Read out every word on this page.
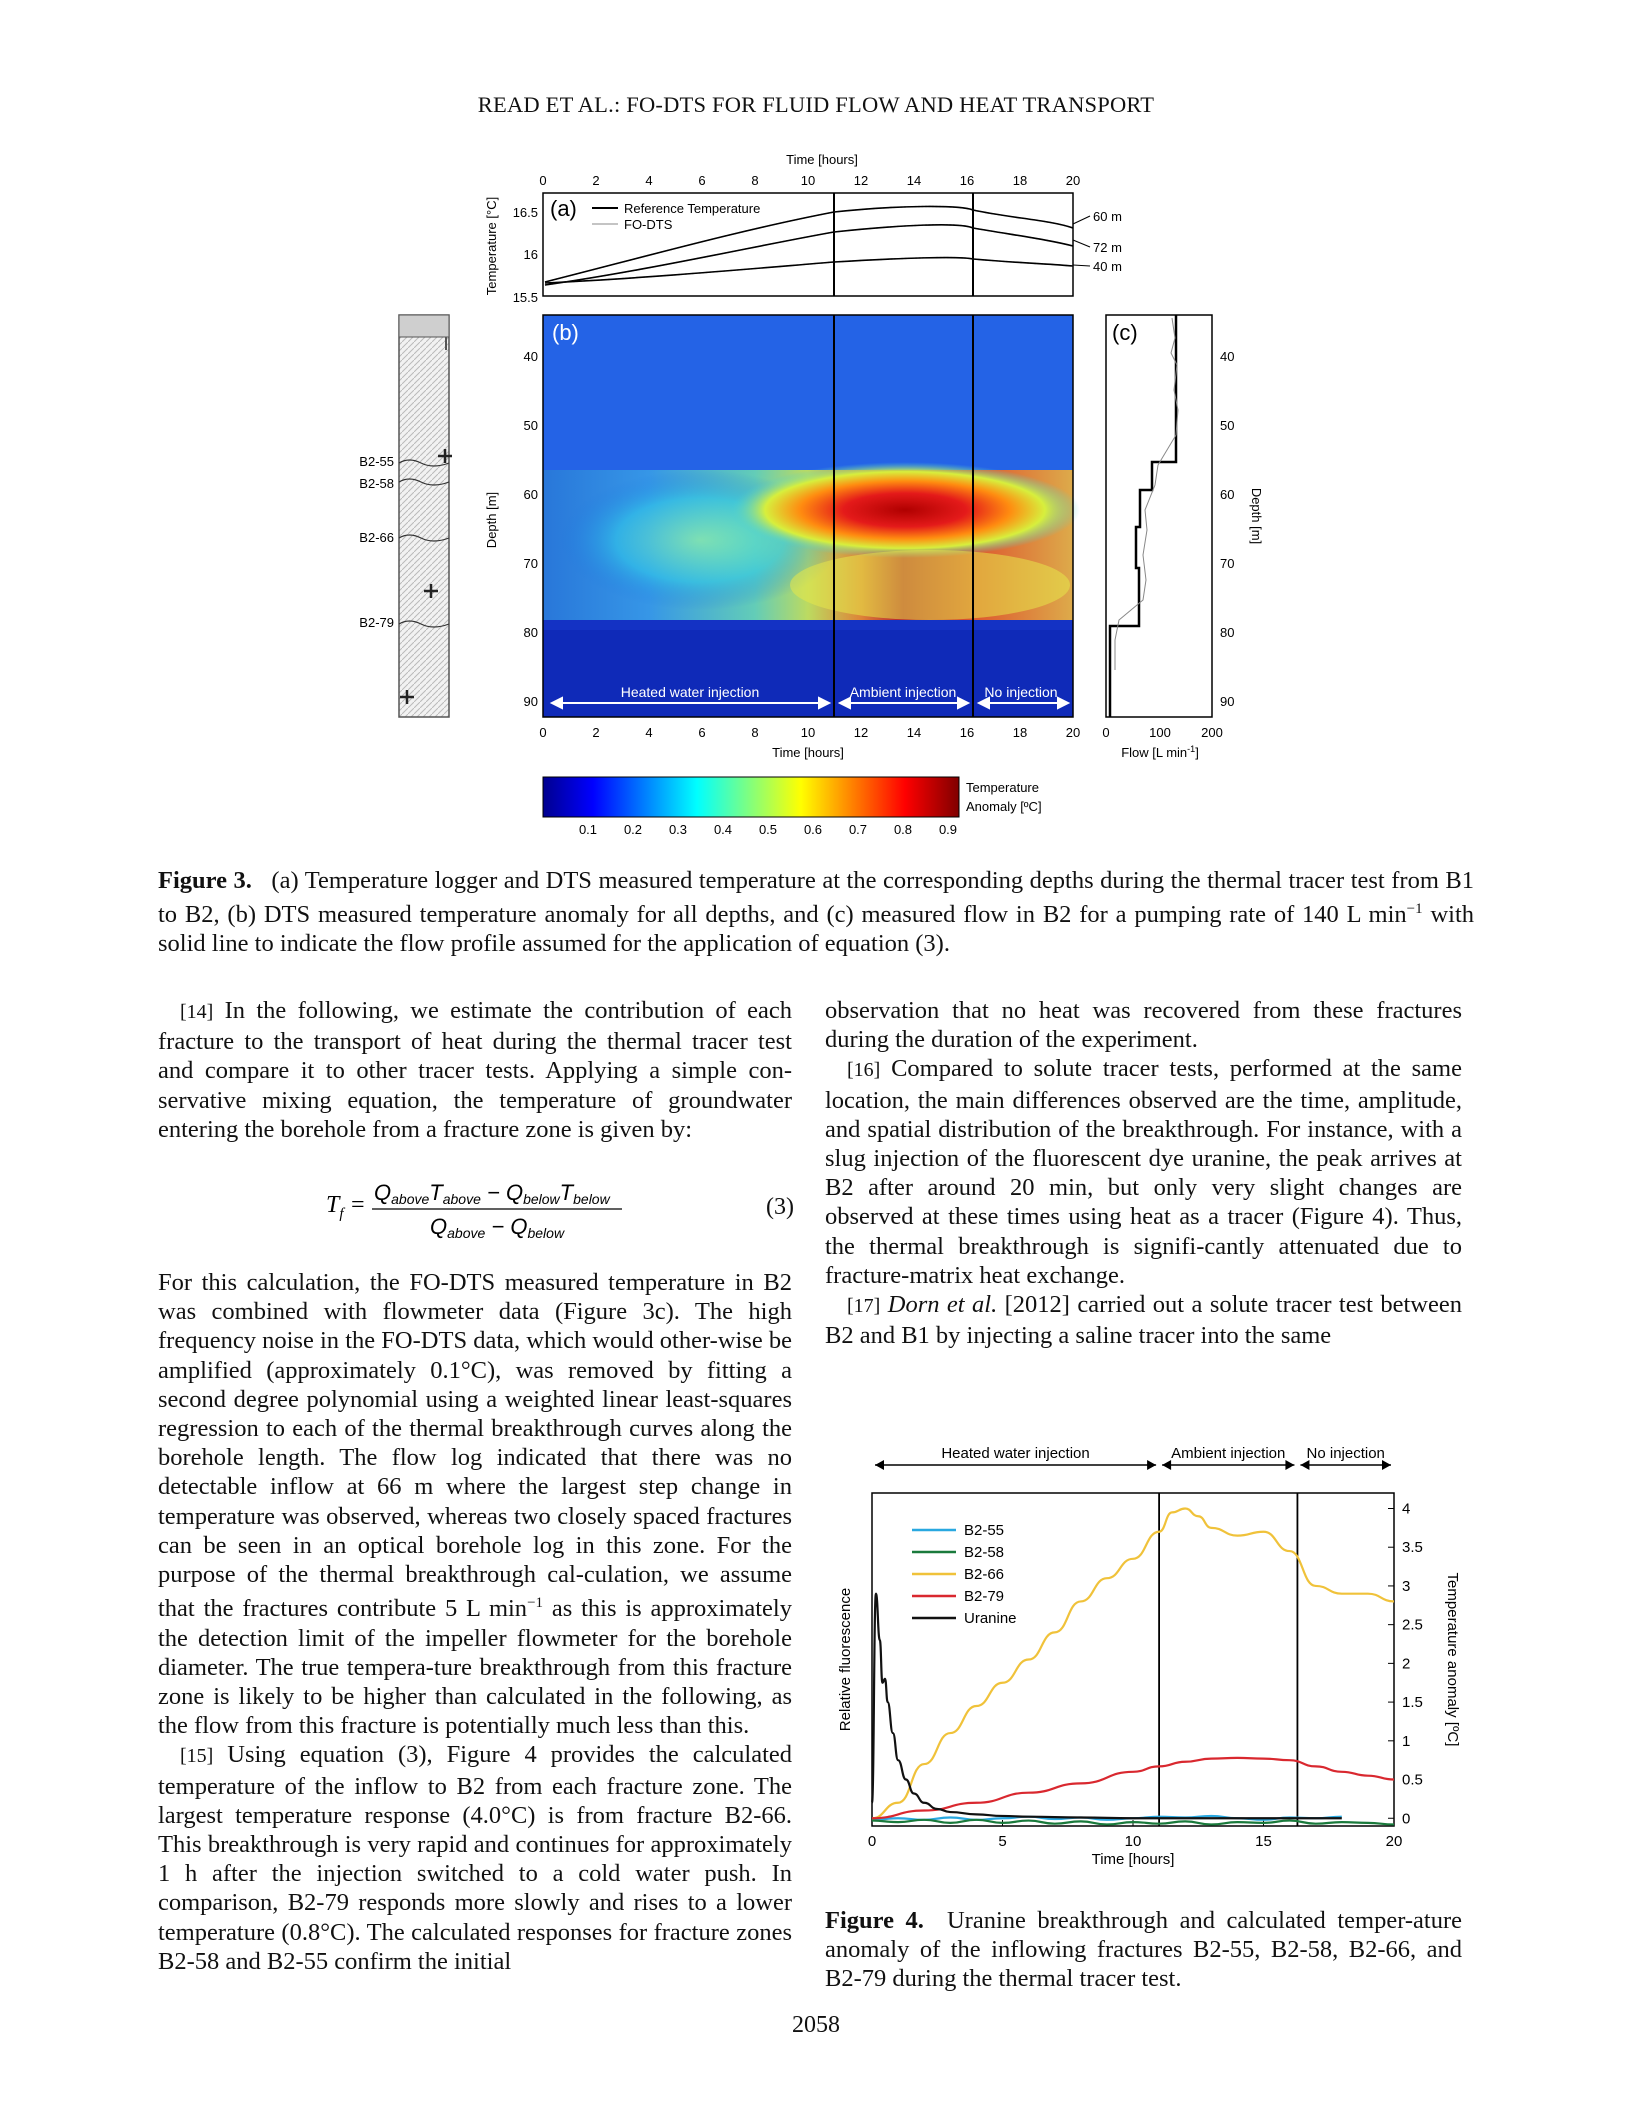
READ ET AL.: FO-DTS FOR FLUID FLOW AND HEAT TRANSPORT
Time [hours]
0	2	4	6	8	10	12	14	16	18	20
Temperature [°C] 16.5
16
15.5
(a)	Reference Temperature
FO-DTS
60 m
72 m
40 m
B2-55
B2-58
B2-66
B2-79
Depth [m]
40
50
60
70
80
90
(b)
Heated water injection	Ambient injection No injection
0	2	4	6	8	10	12	14	16	18	20
Time [hours]
(c)
40
50
60
70
80
90
Depth [m]
0	100 200
Flow [L $\min^{-1}$]
0.1 0.2 0.3 0.4 0.5 0.6 0.7 0.8 0.9
Temperature
Anomaly [ºC]
Figure 3. (a) Temperature logger and DTS measured temperature at the corresponding depths during the thermal tracer test from B1 to B2, (b) DTS measured temperature anomaly for all depths, and (c) measured flow in B2 for a pumping rate of 140 L $\min^{-1}$ with solid line to indicate the flow profile assumed for the application of equation (3).

[14] In the following, we estimate the contribution of each fracture to the transport of heat during the thermal tracer test and compare it to other tracer tests. Applying a simple con-servative mixing equation, the temperature of groundwater entering the borehole from a fracture zone is given by:

$T_f$ = QaboveTabove − QbelowTbelow
Qabove − Qbelow
(3)

For this calculation, the FO-DTS measured temperature in B2 was combined with flowmeter data (Figure 3c). The high frequency noise in the FO-DTS data, which would other-wise be amplified (approximately 0.1°C), was removed by fitting a second degree polynomial using a weighted linear least-squares regression to each of the thermal breakthrough curves along the borehole length. The flow log indicated that there was no detectable inflow at 66 m where the largest step change in temperature was observed, whereas two closely spaced fractures can be seen in an optical borehole log in this zone. For the purpose of the thermal breakthrough cal-culation, we assume that the fractures contribute 5 L $\min^{-1}$ as this is approximately the detection limit of the impeller flowmeter for the borehole diameter. The true tempera-ture breakthrough from this fracture zone is likely to be higher than calculated in the following, as the flow from this fracture is potentially much less than this.

[15] Using equation (3), Figure 4 provides the calculated temperature of the inflow to B2 from each fracture zone. The largest temperature response (4.0°C) is from fracture B2-66. This breakthrough is very rapid and continues for approximately 1 h after the injection switched to a cold water push. In comparison, B2-79 responds more slowly and rises to a lower temperature (0.8°C). The calculated responses for fracture zones B2-58 and B2-55 confirm the initial

observation that no heat was recovered from these fractures during the duration of the experiment.

[16] Compared to solute tracer tests, performed at the same location, the main differences observed are the time, amplitude, and spatial distribution of the breakthrough. For instance, with a slug injection of the fluorescent dye uranine, the peak arrives at B2 after around 20 min, but only very slight changes are observed at these times using heat as a tracer (Figure 4). Thus, the thermal breakthrough is signifi-cantly attenuated due to fracture-matrix heat exchange.

[17] Dorn et al. [2012] carried out a solute tracer test between B2 and B1 by injecting a saline tracer into the same

Heated water injection	Ambient injection No injection
0	5	10	15	20
Time [hours]
0
0.5
1
1.5
2
2.5
3
3.5
4
Relative fluorescence	Temperature anomaly [ºC]
B2-55
B2-58
B2-66
B2-79
Uranine

Figure 4. Uranine breakthrough and calculated temper-ature anomaly of the inflowing fractures B2-55, B2-58, B2-66, and B2-79 during the thermal tracer test.

2058
